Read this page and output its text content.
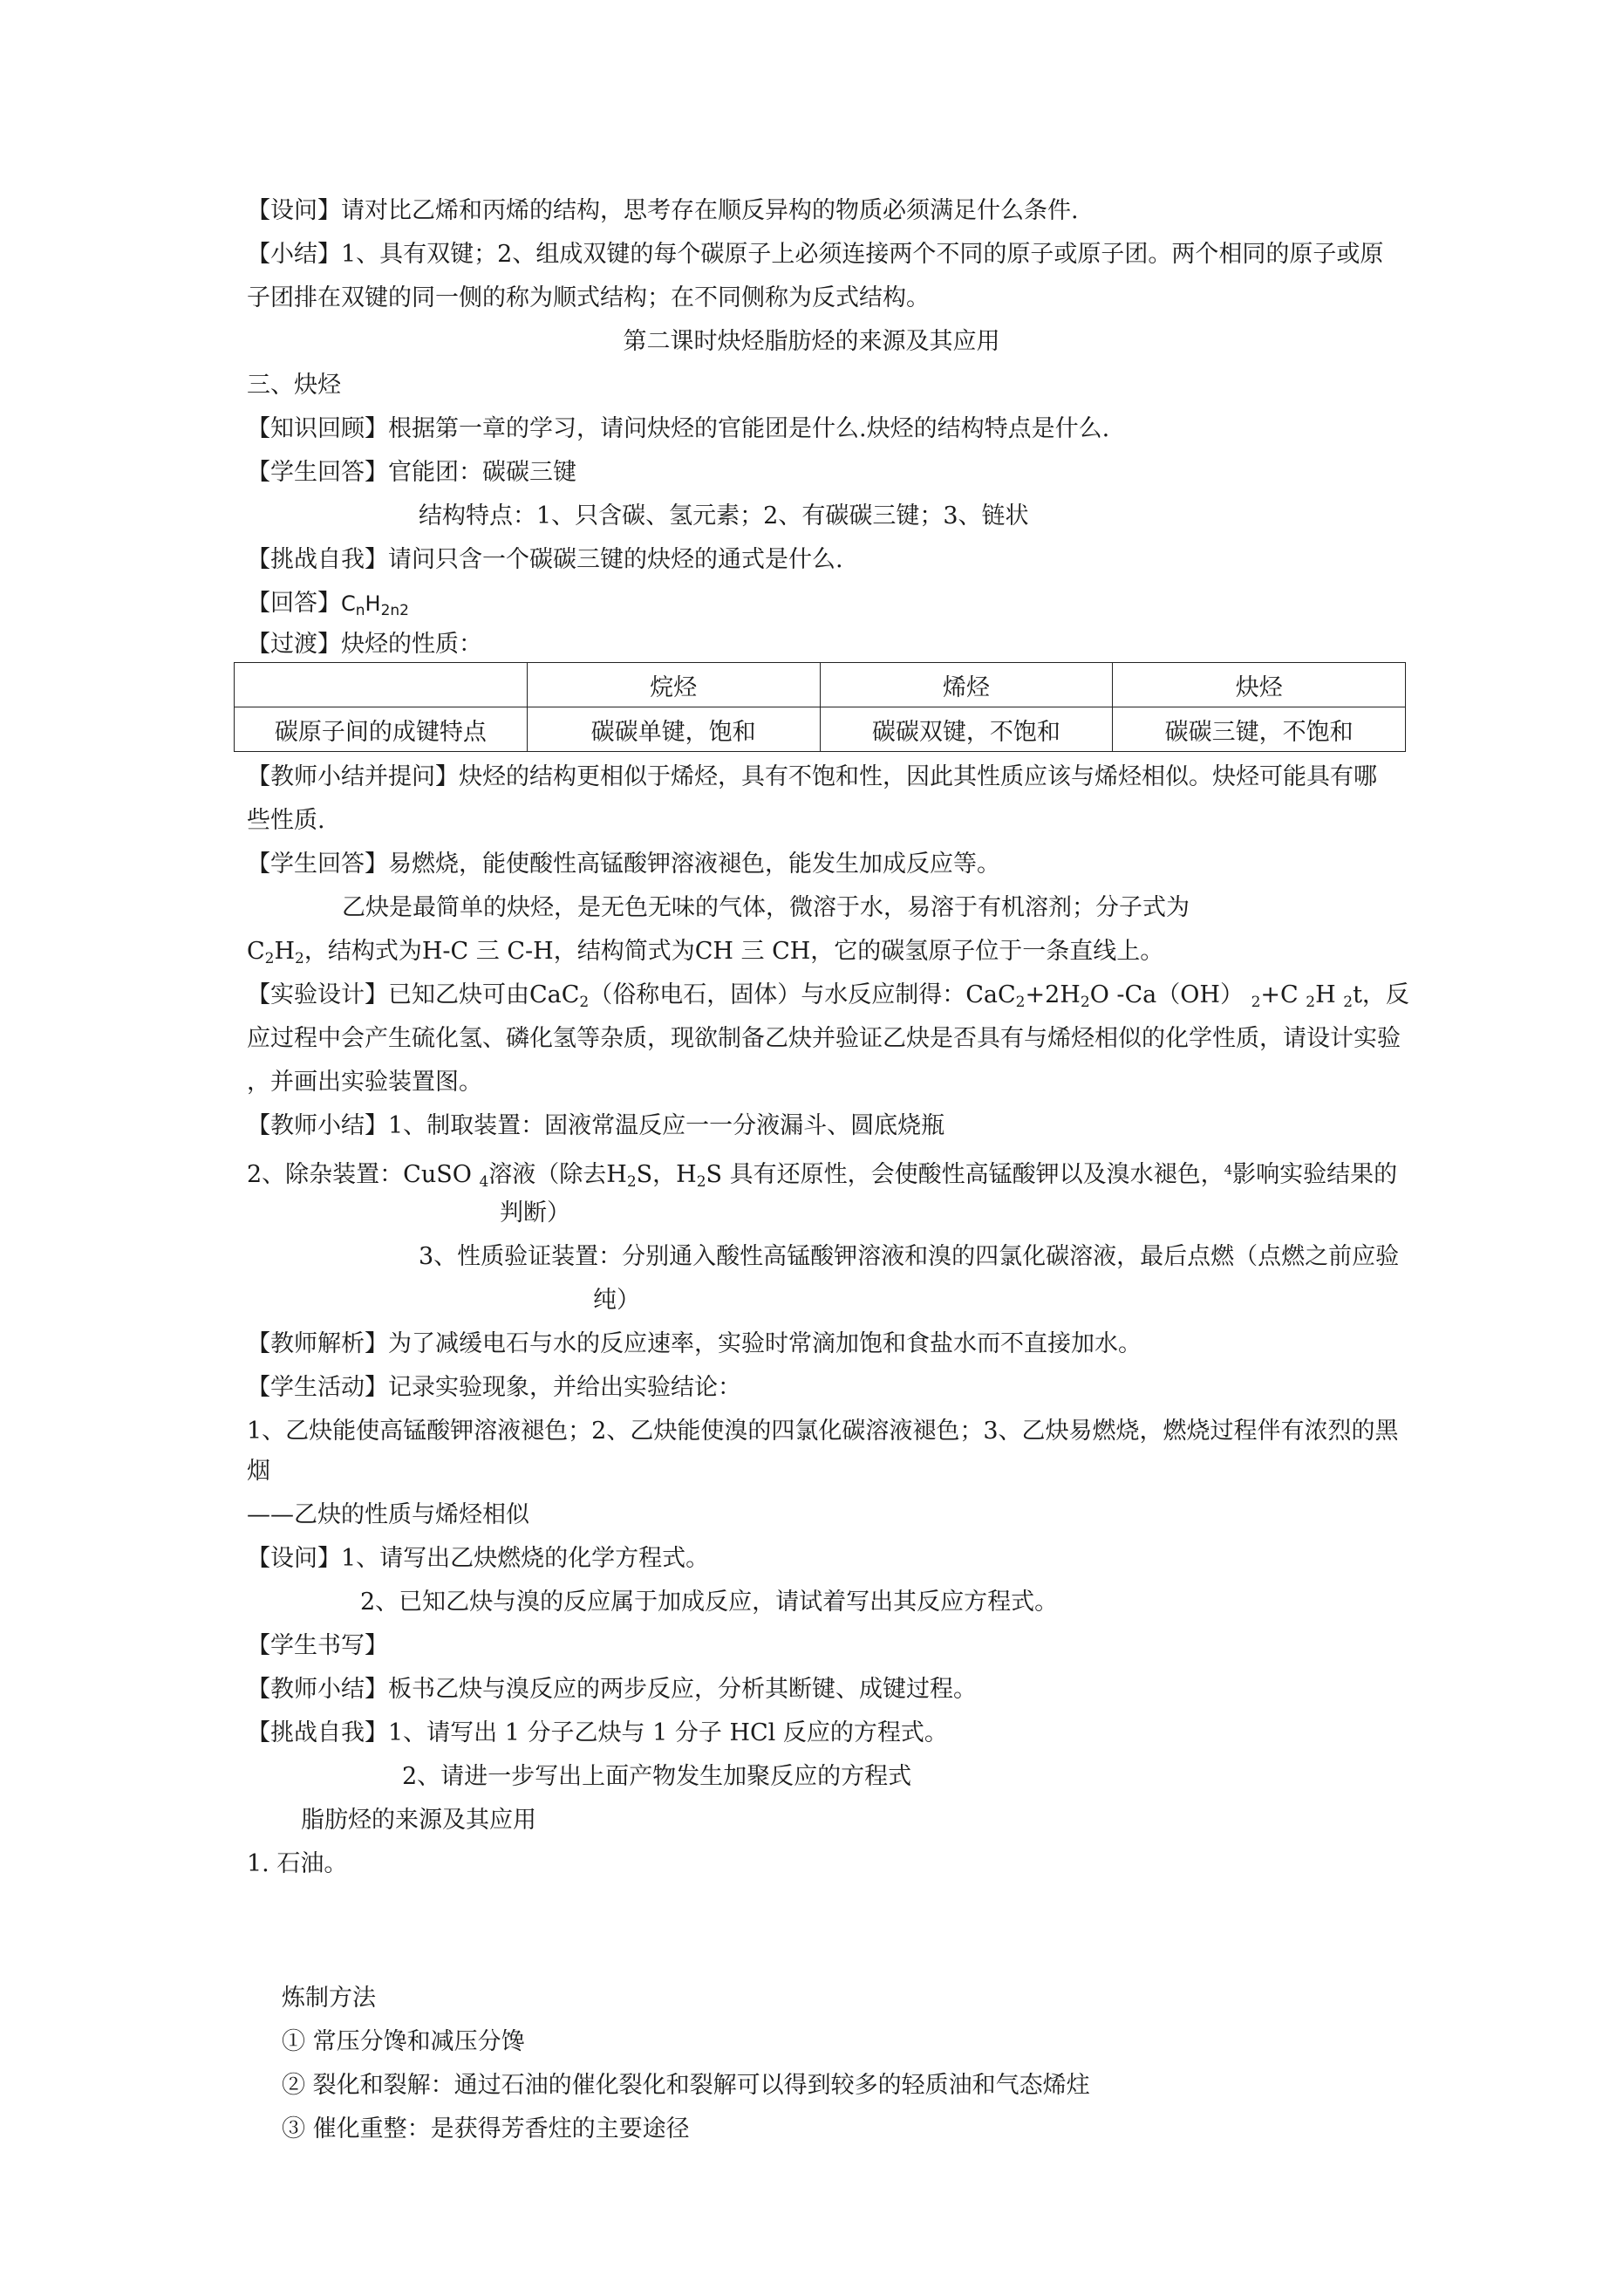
【设问】请对比乙烯和丙烯的结构，思考存在顺反异构的物质必须满足什么条件.

【小结】1、具有双键；2、组成双键的每个碳原子上必须连接两个不同的原子或原子团。两个相同的原子或原

子团排在双键的同一侧的称为顺式结构；在不同侧称为反式结构。

第二课时炔烃脂肪烃的来源及其应用

三、炔烃

【知识回顾】根据第一章的学习，请问炔烃的官能团是什么.炔烃的结构特点是什么.

【学生回答】官能团：碳碳三键

结构特点：1、只含碳、氢元素；2、有碳碳三键；3、链状

【挑战自我】请问只含一个碳碳三键的炔烃的通式是什么.

【回答】$C_nH_{2n2}$

【过渡】炔烃的性质：

	烷烃	烯烃	炔烃
碳原子间的成键特点	碳碳单键，饱和	碳碳双键，不饱和	碳碳三键，不饱和

【教师小结并提问】炔烃的结构更相似于烯烃，具有不饱和性，因此其性质应该与烯烃相似。炔烃可能具有哪

些性质.

【学生回答】易燃烧，能使酸性高锰酸钾溶液褪色，能发生加成反应等。

乙炔是最简单的炔烃，是无色无味的气体，微溶于水，易溶于有机溶剂；分子式为

$C_2H_2$，结构式为H-C 三 C-H，结构简式为CH 三 CH，它的碳氢原子位于一条直线上。

【实验设计】已知乙炔可由CaC$_2$（俗称电石，固体）与水反应制得：$CaC_2+2H_2O$ -Ca（OH） $_2$+C $_2$H $_2$t，反

应过程中会产生硫化氢、磷化氢等杂质，现欲制备乙炔并验证乙炔是否具有与烯烃相似的化学性质，请设计实验

，并画出实验装置图。

【教师小结】1、制取装置：固液常温反应一一分液漏斗、圆底烧瓶

2、除杂装置：CuSO $_4$溶液（除去$H_2S$，$H_2S$ 具有还原性，会使酸性高锰酸钾以及溴水褪色，$^4$影响实验结果的

判断）

3、性质验证装置：分别通入酸性高锰酸钾溶液和溴的四氯化碳溶液，最后点燃（点燃之前应验

纯）

【教师解析】为了减缓电石与水的反应速率，实验时常滴加饱和食盐水而不直接加水。

【学生活动】记录实验现象，并给出实验结论：

1、乙炔能使高锰酸钾溶液褪色；2、乙炔能使溴的四氯化碳溶液褪色；3、乙炔易燃烧，燃烧过程伴有浓烈的黑

烟

——乙炔的性质与烯烃相似

【设问】1、请写出乙炔燃烧的化学方程式。

2、已知乙炔与溴的反应属于加成反应，请试着写出其反应方程式。

【学生书写】

【教师小结】板书乙炔与溴反应的两步反应，分析其断键、成键过程。

【挑战自我】1、请写出 1 分子乙炔与 1 分子 HCl 反应的方程式。

2、请进一步写出上面产物发生加聚反应的方程式

脂肪烃的来源及其应用

1. 石油。

炼制方法

① 常压分馋和减压分馋

② 裂化和裂解：通过石油的催化裂化和裂解可以得到较多的轻质油和气态烯炷

③ 催化重整：是获得芳香炷的主要途径
